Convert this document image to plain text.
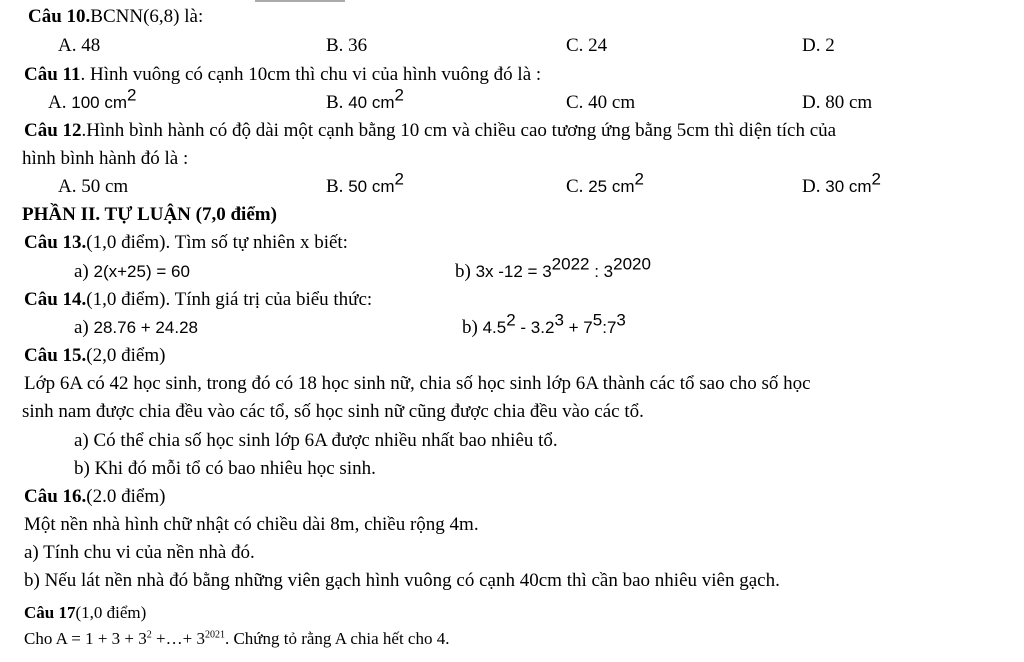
Câu 10.BCNN(6,8) là:
A. 48	B. 36	C. 24	D. 2
Câu 11. Hình vuông có cạnh 10cm thì chu vi của hình vuông đó là :
A. 100 $cm^2$	B. 40 $cm^2$	C. 40 cm	D. 80 cm
Câu 12.Hình bình hành có độ dài một cạnh bằng 10 cm và chiều cao tương ứng bằng 5cm thì diện tích của
hình bình hành đó là :
A. 50 cm	B. 50 $cm^2$	C. 25 $cm^2$	D. 30 $cm^2$
PHẦN II. TỰ LUẬN (7,0 điểm)
Câu 13.(1,0 điểm). Tìm số tự nhiên x biết:
a) 2(x+25) = 60	b) 3x $-12 = 3^{2022}$ : $3^{2020}$
Câu 14.(1,0 điểm). Tính giá trị của biểu thức:
a) 28.76 + 24.28	b) $4.5^2 - 3.2^3$ + $7^5:7^3$
Câu 15.(2,0 điểm)
Lớp 6A có 42 học sinh, trong đó có 18 học sinh nữ, chia số học sinh lớp 6A thành các tổ sao cho số học
sinh nam được chia đều vào các tổ, số học sinh nữ cũng được chia đều vào các tổ.
a) Có thể chia số học sinh lớp 6A được nhiều nhất bao nhiêu tổ.
b) Khi đó mỗi tổ có bao nhiêu học sinh.
Câu 16.(2.0 điểm)
Một nền nhà hình chữ nhật có chiều dài 8m, chiều rộng 4m.
a) Tính chu vi của nền nhà đó.
b) Nếu lát nền nhà đó bằng những viên gạch hình vuông có cạnh 40cm thì cần bao nhiêu viên gạch.
Câu 17(1,0 điểm)
Cho $A = 1 + 3 + 3^2$ +…+ $3^{2021}$. Chứng tỏ rằng A chia hết cho 4.
